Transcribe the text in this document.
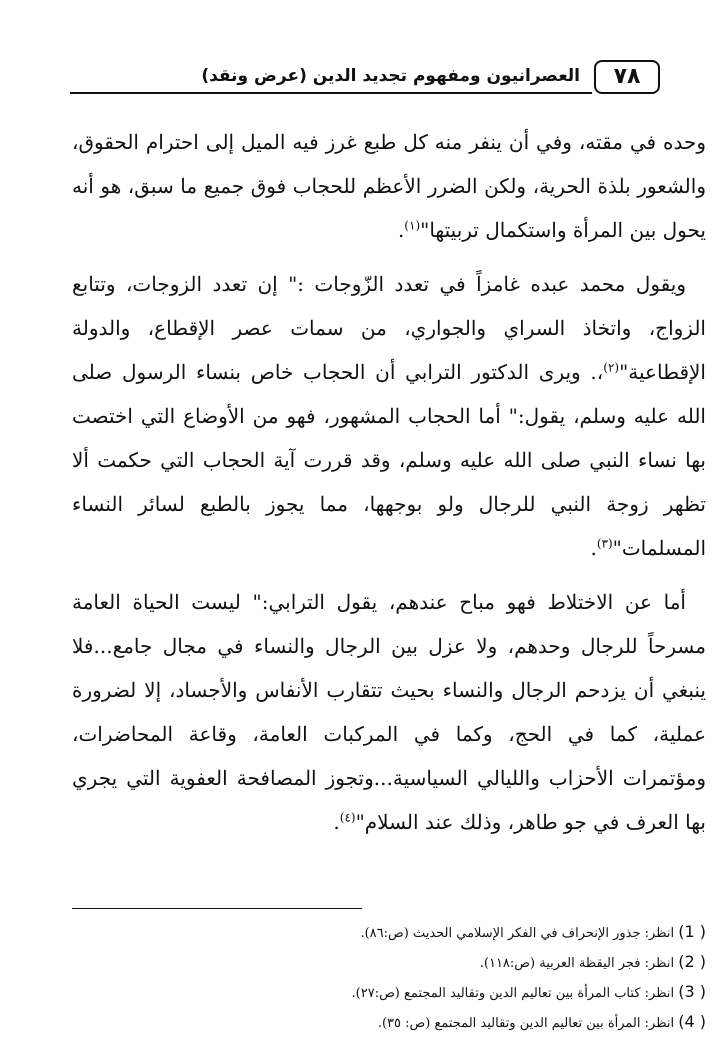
٧٨
العصرانيون ومفهوم تجديد الدين (عرض ونقد)

وحده في مقته، وفي أن ينفر منه كل طبع غرز فيه الميل إلى احترام الحقوق، والشعور بلذة الحرية، ولكن الضرر الأعظم للحجاب فوق جميع ما سبق، هو أنه يحول بين المرأة واستكمال تربيتها"$^{(١)}$.

ويقول محمد عبده غامزاً في تعدد الزّوجات :" إن تعدد الزوجات، وتتابع الزواج، واتخاذ السراي والجواري، من سمات عصر الإقطاع، والدولة الإقطاعية"$^{(٢)}$،. ويرى الدكتور الترابي أن الحجاب خاص بنساء الرسول صلى الله عليه وسلم، يقول:" أما الحجاب المشهور، فهو من الأوضاع التي اختصت بها نساء النبي صلى الله عليه وسلم، وقد قررت آية الحجاب التي حكمت ألا تظهر زوجة النبي للرجال ولو بوجهها، مما يجوز بالطبع لسائر النساء المسلمات"$^{(٣)}$.

أما عن الاختلاط فهو مباح عندهم، يقول الترابي:" ليست الحياة العامة مسرحاً للرجال وحدهم، ولا عزل بين الرجال والنساء في مجال جامع...فلا ينبغي أن يزدحم الرجال والنساء بحيث تتقارب الأنفاس والأجساد، إلا لضرورة عملية، كما في الحج، وكما في المركبات العامة، وقاعة المحاضرات، ومؤتمرات الأحزاب والليالي السياسية...وتجوز المصافحة العفوية التي يجري بها العرف في جو طاهر، وذلك عند السلام"$^{(٤)}$.

( 1) انظر: جذور الإنحراف في الفكر الإسلامي الحديث (ص:٨٦).
( 2) انظر: فجر اليقظة العربية (ص:١١٨).
( 3) انظر: كتاب المرأة بين تعاليم الدين وتقاليد المجتمع (ص:٢٧).
( 4) انظر: المرأة بين تعاليم الدين وتقاليد المجتمع (ص: ٣٥).
